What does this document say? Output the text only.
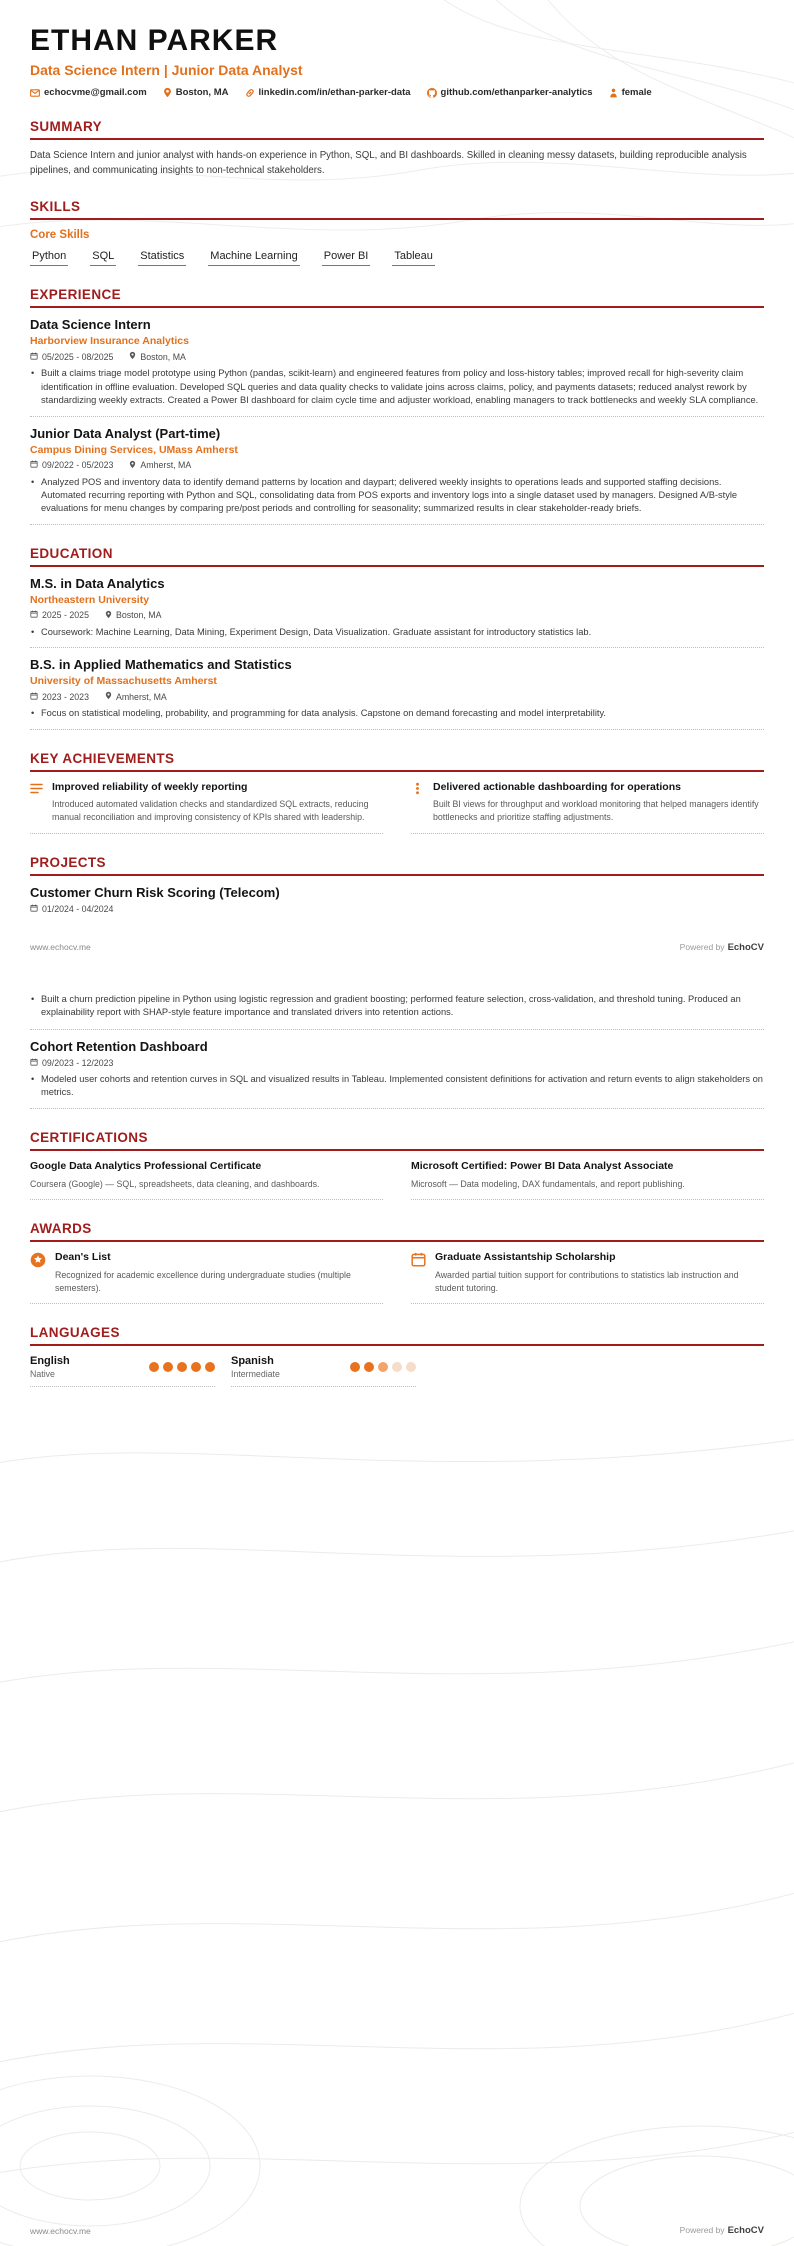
ETHAN PARKER
Data Science Intern | Junior Data Analyst
echocvme@gmail.com	Boston, MA	linkedin.com/in/ethan-parker-data	github.com/ethanparker-analytics	female
SUMMARY
Data Science Intern and junior analyst with hands-on experience in Python, SQL, and BI dashboards. Skilled in cleaning messy datasets, building reproducible analysis pipelines, and communicating insights to non-technical stakeholders.
SKILLS
Core Skills
Python SQL Statistics Machine Learning Power BI Tableau
EXPERIENCE
Data Science Intern
Harborview Insurance Analytics
05/2025 - 08/2025	Boston, MA
• Built a claims triage model prototype using Python (pandas, scikit-learn) and engineered features from policy and loss-history tables; improved recall for high-severity claim identification in offline evaluation. Developed SQL queries and data quality checks to validate joins across claims, policy, and payments datasets; reduced analyst rework by standardizing weekly extracts. Created a Power BI dashboard for claim cycle time and adjuster workload, enabling managers to track bottlenecks and weekly SLA compliance.
Junior Data Analyst (Part-time)
Campus Dining Services, UMass Amherst
09/2022 - 05/2023	Amherst, MA
• Analyzed POS and inventory data to identify demand patterns by location and daypart; delivered weekly insights to operations leads and supported staffing decisions. Automated recurring reporting with Python and SQL, consolidating data from POS exports and inventory logs into a single dataset used by managers. Designed A/B-style evaluations for menu changes by comparing pre/post periods and controlling for seasonality; summarized results in clear stakeholder-ready briefs.
EDUCATION
M.S. in Data Analytics
Northeastern University
2025 - 2025	Boston, MA
• Coursework: Machine Learning, Data Mining, Experiment Design, Data Visualization. Graduate assistant for introductory statistics lab.
B.S. in Applied Mathematics and Statistics
University of Massachusetts Amherst
2023 - 2023	Amherst, MA
• Focus on statistical modeling, probability, and programming for data analysis. Capstone on demand forecasting and model interpretability.
KEY ACHIEVEMENTS
Improved reliability of weekly reporting
Introduced automated validation checks and standardized SQL extracts, reducing manual reconciliation and improving consistency of KPIs shared with leadership.
Delivered actionable dashboarding for operations
Built BI views for throughput and workload monitoring that helped managers identify bottlenecks and prioritize staffing adjustments.
PROJECTS
Customer Churn Risk Scoring (Telecom)
01/2024 - 04/2024
www.echocv.me	Powered by EchoCV
• Built a churn prediction pipeline in Python using logistic regression and gradient boosting; performed feature selection, cross-validation, and threshold tuning. Produced an explainability report with SHAP-style feature importance and translated drivers into retention actions.
Cohort Retention Dashboard
09/2023 - 12/2023
• Modeled user cohorts and retention curves in SQL and visualized results in Tableau. Implemented consistent definitions for activation and return events to align stakeholders on metrics.
CERTIFICATIONS
Google Data Analytics Professional Certificate
Coursera (Google) — SQL, spreadsheets, data cleaning, and dashboards.
Microsoft Certified: Power BI Data Analyst Associate
Microsoft — Data modeling, DAX fundamentals, and report publishing.
AWARDS
Dean's List
Recognized for academic excellence during undergraduate studies (multiple semesters).
Graduate Assistantship Scholarship
Awarded partial tuition support for contributions to statistics lab instruction and student tutoring.
LANGUAGES
English
Native
Spanish
Intermediate
www.echocv.me	Powered by EchoCV
